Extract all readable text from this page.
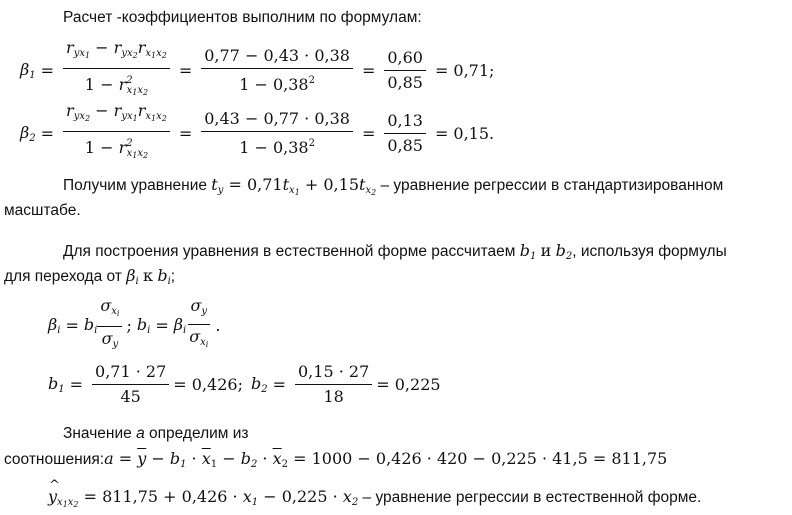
Расчет -коэффициентов выполним по формулам:
$\beta_1 = \frac{r_{yx_1} - r_{yx_2}r_{x_1x_2}}{1 - r^2_{x_1x_2}} = \frac{0,77 - 0,43 \cdot 0,38}{1 - 0,38^2} = \frac{0,60}{0,85} = 0,71$;
$\beta_2 = \frac{r_{yx_2} - r_{yx_1}r_{x_1x_2}}{1 - r^2_{x_1x_2}} = \frac{0,43 - 0,77 \cdot 0,38}{1 - 0,38^2} = \frac{0,13}{0,85} = 0,15$.
Получим уравнение $t_y = 0,71t_{x_1} + 0,15t_{x_2}$ – уравнение регрессии в стандартизированном
масштабе.
Для построения уравнения в естественной форме рассчитаем $b_1$ и $b_2$, используя формулы
для перехода от $\beta_i$ к $b_i$;
$\beta_i = b_i \frac{\sigma_{x_i}}{\sigma_y}$ ; $b_i = \beta_i \frac{\sigma_y}{\sigma_{x_i}}$ .
$b_1 = \frac{0,71 \cdot 27}{45} = 0,426$; $b_2 = \frac{0,15 \cdot 27}{18} = 0,225$
Значение a определим из
соотношения:a = $\overline{y} - b_1 \cdot \overline{x}_1 - b_2 \cdot \overline{x}_2 = 1000 - 0,426 \cdot 420 - 0,225 \cdot 41,5 = 811,75$
^ $y_{x_1x_2} = 811,75 + 0,426 \cdot x_1 - 0,225 \cdot x_2$ – уравнение регрессии в естественной форме.
